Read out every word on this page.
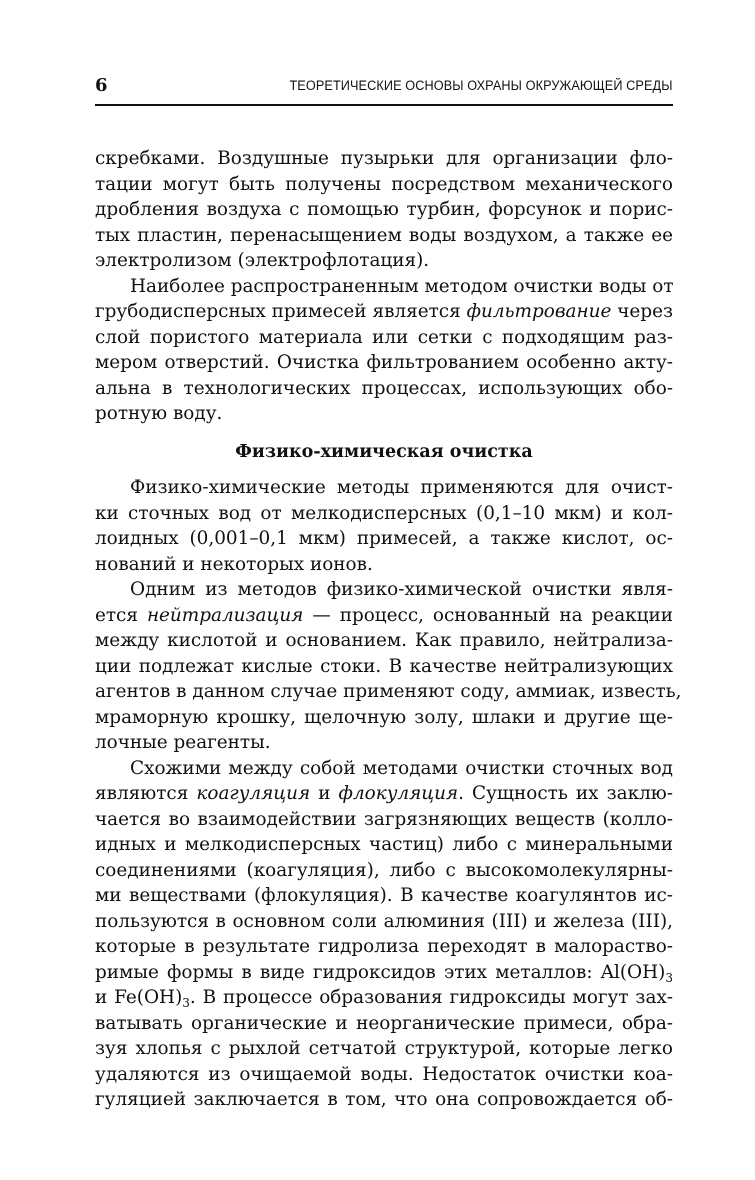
6	ТЕОРЕТИЧЕСКИЕ ОСНОВЫ ОХРАНЫ ОКРУЖАЮЩЕЙ СРЕДЫ
скребками. Воздушные пузырьки для организации фло-
тации могут быть получены посредством механического
дробления воздуха с помощью турбин, форсунок и порис-
тых пластин, перенасыщением воды воздухом, а также ее
электролизом (электрофлотация).
Наиболее распространенным методом очистки воды от
грубодисперсных примесей является фильтрование через
слой пористого материала или сетки с подходящим раз-
мером отверстий. Очистка фильтрованием особенно акту-
альна в технологических процессах, использующих обо-
ротную воду.
Физико-химическая очистка
Физико-химические методы применяются для очист-
ки сточных вод от мелкодисперсных (0,1–10 мкм) и кол-
лоидных (0,001–0,1 мкм) примесей, а также кислот, ос-
нований и некоторых ионов.
Одним из методов физико-химической очистки явля-
ется нейтрализация — процесс, основанный на реакции
между кислотой и основанием. Как правило, нейтрализа-
ции подлежат кислые стоки. В качестве нейтрализующих
агентов в данном случае применяют соду, аммиак, известь,
мраморную крошку, щелочную золу, шлаки и другие ще-
лочные реагенты.
Схожими между собой методами очистки сточных вод
являются коагуляция и флокуляция. Сущность их заклю-
чается во взаимодействии загрязняющих веществ (колло-
идных и мелкодисперсных частиц) либо с минеральными
соединениями (коагуляция), либо с высокомолекулярны-
ми веществами (флокуляция). В качестве коагулянтов ис-
пользуются в основном соли алюминия (III) и железа (III),
которые в результате гидролиза переходят в малораство-
римые формы в виде гидроксидов этих металлов: $Al(OH)_3$
и $Fe(OH)_3$. В процессе образования гидроксиды могут зах-
ватывать органические и неорганические примеси, обра-
зуя хлопья с рыхлой сетчатой структурой, которые легко
удаляются из очищаемой воды. Недостаток очистки коа-
гуляцией заключается в том, что она сопровождается об-
